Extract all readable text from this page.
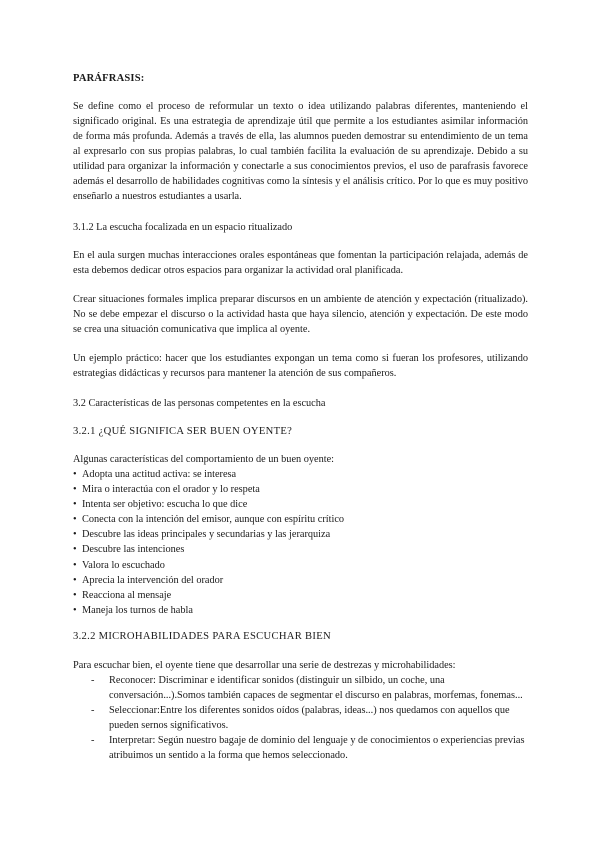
PARÁFRASIS:

Se define como el proceso de reformular un texto o idea utilizando palabras diferentes, manteniendo el significado original. Es una estrategia de aprendizaje útil que permite a los estudiantes asimilar información de forma más profunda. Además a través de ella, las alumnos pueden demostrar su entendimiento de un tema al expresarlo con sus propias palabras, lo cual también facilita la evaluación de su aprendizaje. Debido a su utilidad para organizar la información y conectarle a sus conocimientos previos, el uso de parafrasis favorece además el desarrollo de habilidades cognitivas como la síntesis y el análisis crítico. Por lo que es muy positivo enseñarlo a nuestros estudiantes a usarla.

3.1.2 La escucha focalizada en un espacio ritualizado

En el aula surgen muchas interacciones orales espontáneas que fomentan la participación relajada, además de esta debemos dedicar otros espacios para organizar la actividad oral planificada.

Crear situaciones formales implica preparar discursos en un ambiente de atención y expectación (ritualizado). No se debe empezar el discurso o la actividad hasta que haya silencio, atención y expectación. De este modo se crea una situación comunicativa que implica al oyente.

Un ejemplo práctico: hacer que los estudiantes expongan un tema como si fueran los profesores, utilizando estrategias didácticas y recursos para mantener la atención de sus compañeros.

3.2 Características de las personas competentes en la escucha

3.2.1 ¿QUÉ SIGNIFICA SER BUEN OYENTE?

Algunas características del comportamiento de un buen oyente:

• Adopta una actitud activa: se interesa
• Mira o interactúa con el orador y lo respeta
• Intenta ser objetivo: escucha lo que dice
• Conecta con la intención del emisor, aunque con espíritu crítico
• Descubre las ideas principales y secundarias y las jerarquiza
• Descubre las intenciones
• Valora lo escuchado
• Aprecia la intervención del orador
• Reacciona al mensaje
• Maneja los turnos de habla

3.2.2 MICROHABILIDADES PARA ESCUCHAR BIEN

Para escuchar bien, el oyente tiene que desarrollar una serie de destrezas y microhabilidades:

- Reconocer: Discriminar e identificar sonidos (distinguir un silbido, un coche, una conversación...).Somos también capaces de segmentar el discurso en palabras, morfemas, fonemas...
- Seleccionar:Entre los diferentes sonidos oídos (palabras, ideas...) nos quedamos con aquellos que pueden sernos significativos.
- Interpretar: Según nuestro bagaje de dominio del lenguaje y de conocimientos o experiencias previas atribuimos un sentido a la forma que hemos seleccionado.
